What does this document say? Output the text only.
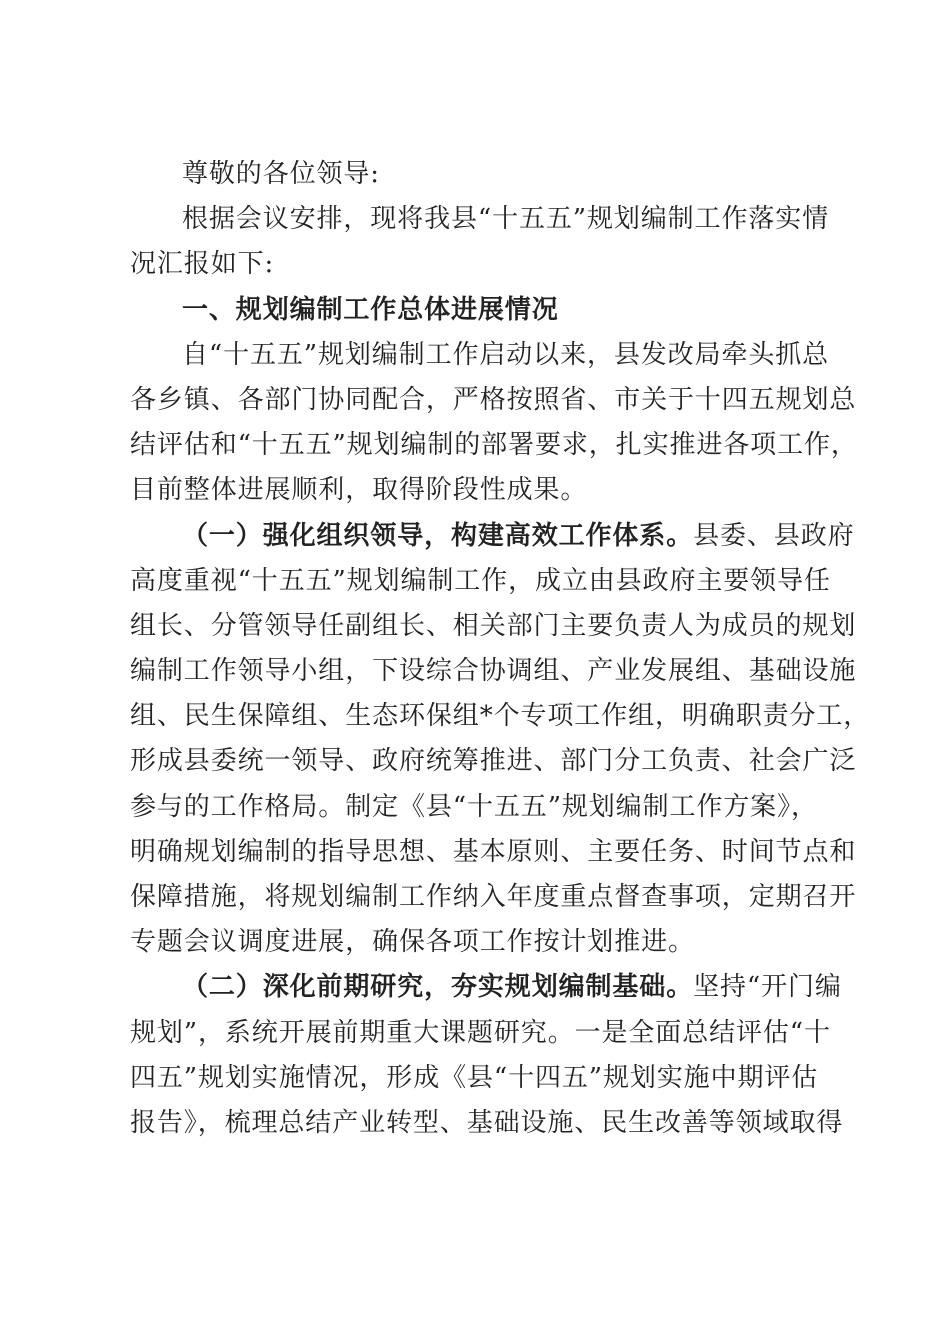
尊敬的各位领导:
根据会议安排，现将我县“十五五”规划编制工作落实情
况汇报如下:
一、规划编制工作总体进展情况
自“十五五”规划编制工作启动以来，县发改局牵头抓总
各乡镇、各部门协同配合，严格按照省、市关于十四五规划总
结评估和“十五五”规划编制的部署要求，扎实推进各项工作，
目前整体进展顺利，取得阶段性成果。
（一）强化组织领导，构建高效工作体系。县委、县政府
高度重视“十五五”规划编制工作，成立由县政府主要领导任
组长、分管领导任副组长、相关部门主要负责人为成员的规划
编制工作领导小组，下设综合协调组、产业发展组、基础设施
组、民生保障组、生态环保组*个专项工作组，明确职责分工，
形成县委统一领导、政府统筹推进、部门分工负责、社会广泛
参与的工作格局。制定《县“十五五”规划编制工作方案》，
明确规划编制的指导思想、基本原则、主要任务、时间节点和
保障措施，将规划编制工作纳入年度重点督查事项，定期召开
专题会议调度进展，确保各项工作按计划推进。
（二）深化前期研究，夯实规划编制基础。坚持“开门编
规划”，系统开展前期重大课题研究。一是全面总结评估“十
四五”规划实施情况，形成《县“十四五”规划实施中期评估
报告》，梳理总结产业转型、基础设施、民生改善等领域取得
